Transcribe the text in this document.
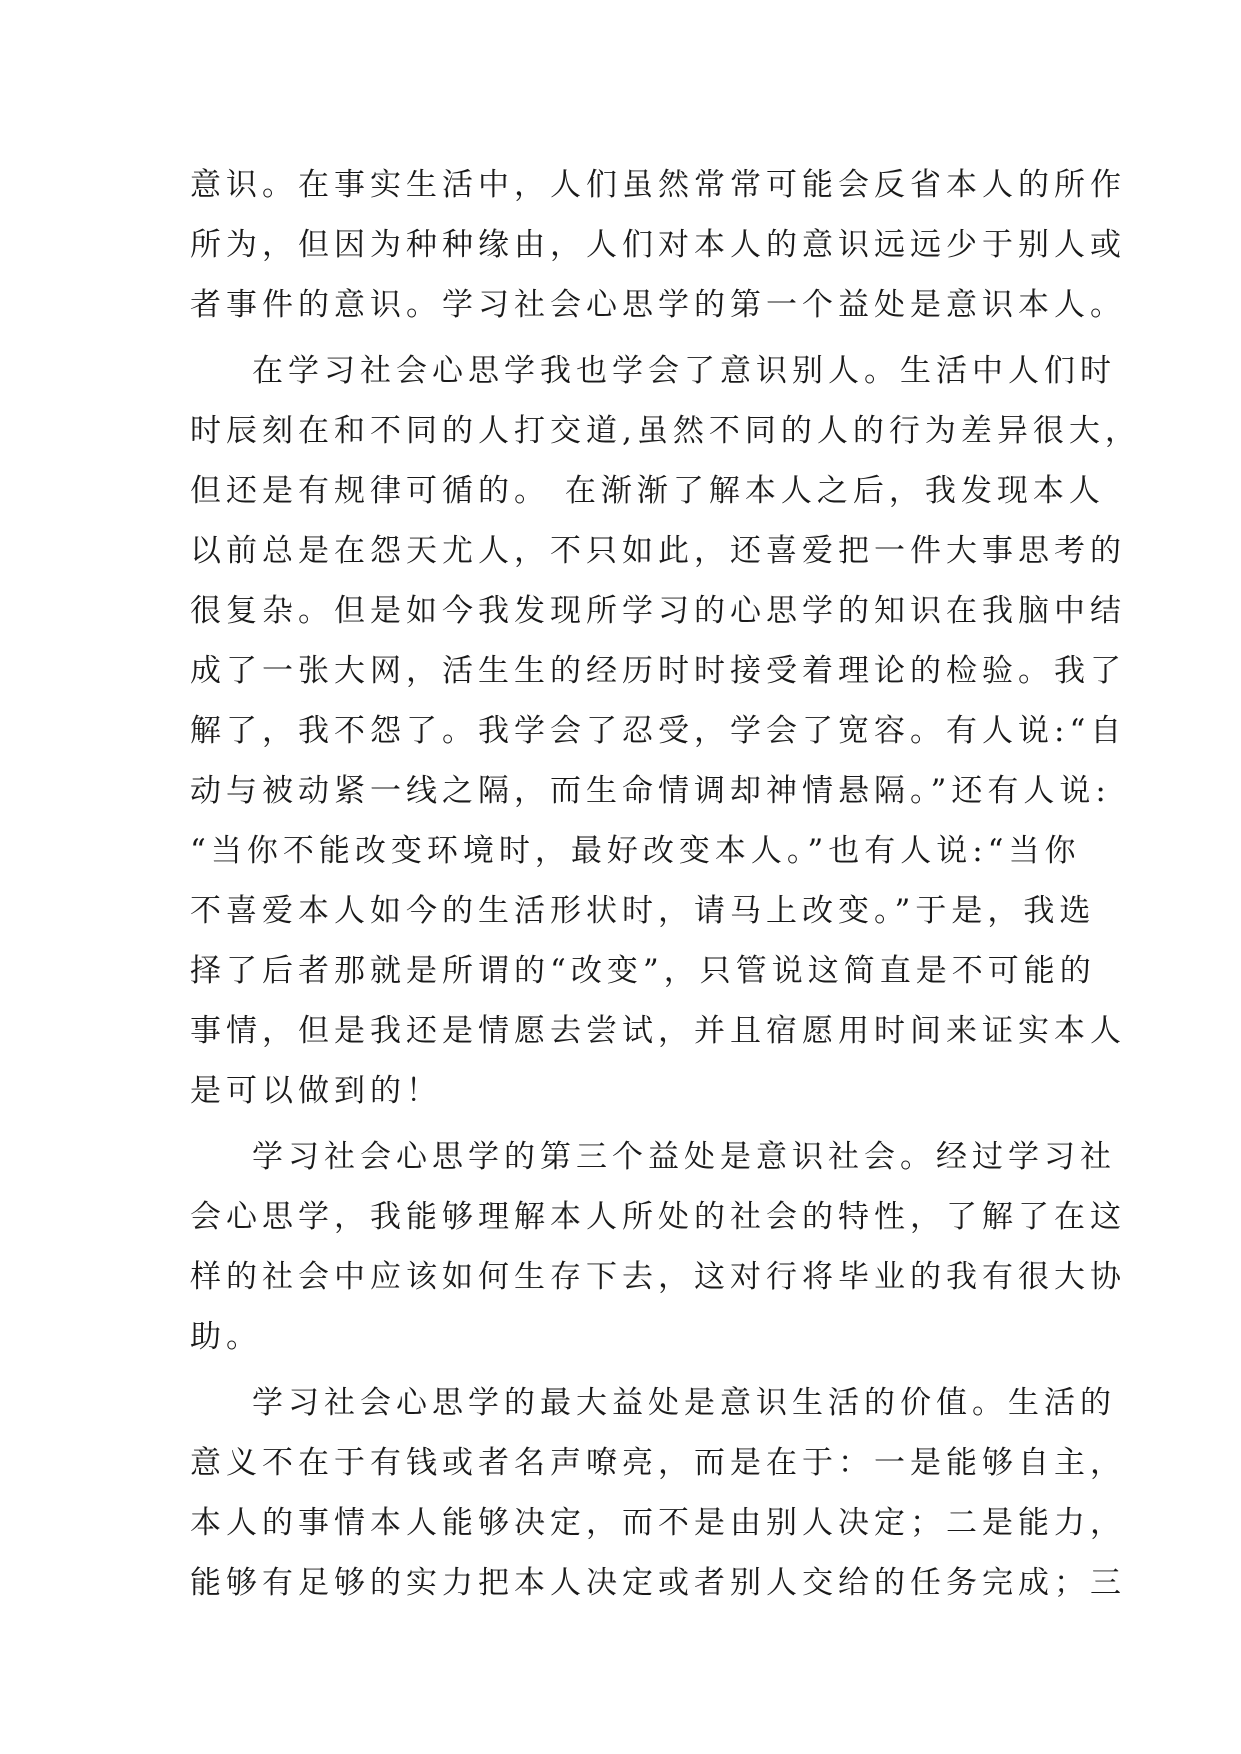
意识。在事实生活中，人们虽然常常可能会反省本人的所作
所为，但因为种种缘由，人们对本人的意识远远少于别人或
者事件的意识。学习社会心思学的第一个益处是意识本人。
在学习社会心思学我也学会了意识别人。生活中人们时
时辰刻在和不同的人打交道,虽然不同的人的行为差异很大，
但还是有规律可循的。 在渐渐了解本人之后，我发现本人
以前总是在怨天尤人，不只如此，还喜爱把一件大事思考的
很复杂。但是如今我发现所学习的心思学的知识在我脑中结
成了一张大网，活生生的经历时时接受着理论的检验。我了
解了，我不怨了。我学会了忍受，学会了宽容。有人说:“自
动与被动紧一线之隔，而生命情调却神情悬隔。”还有人说:
“当你不能改变环境时，最好改变本人。”也有人说:“当你
不喜爱本人如今的生活形状时，请马上改变。”于是，我选
择了后者那就是所谓的“改变”，只管说这简直是不可能的
事情，但是我还是情愿去尝试，并且宿愿用时间来证实本人
是可以做到的！
学习社会心思学的第三个益处是意识社会。经过学习社
会心思学，我能够理解本人所处的社会的特性，了解了在这
样的社会中应该如何生存下去，这对行将毕业的我有很大协
助。
学习社会心思学的最大益处是意识生活的价值。生活的
意义不在于有钱或者名声嘹亮，而是在于：一是能够自主，
本人的事情本人能够决定，而不是由别人决定；二是能力，
能够有足够的实力把本人决定或者别人交给的任务完成；三
